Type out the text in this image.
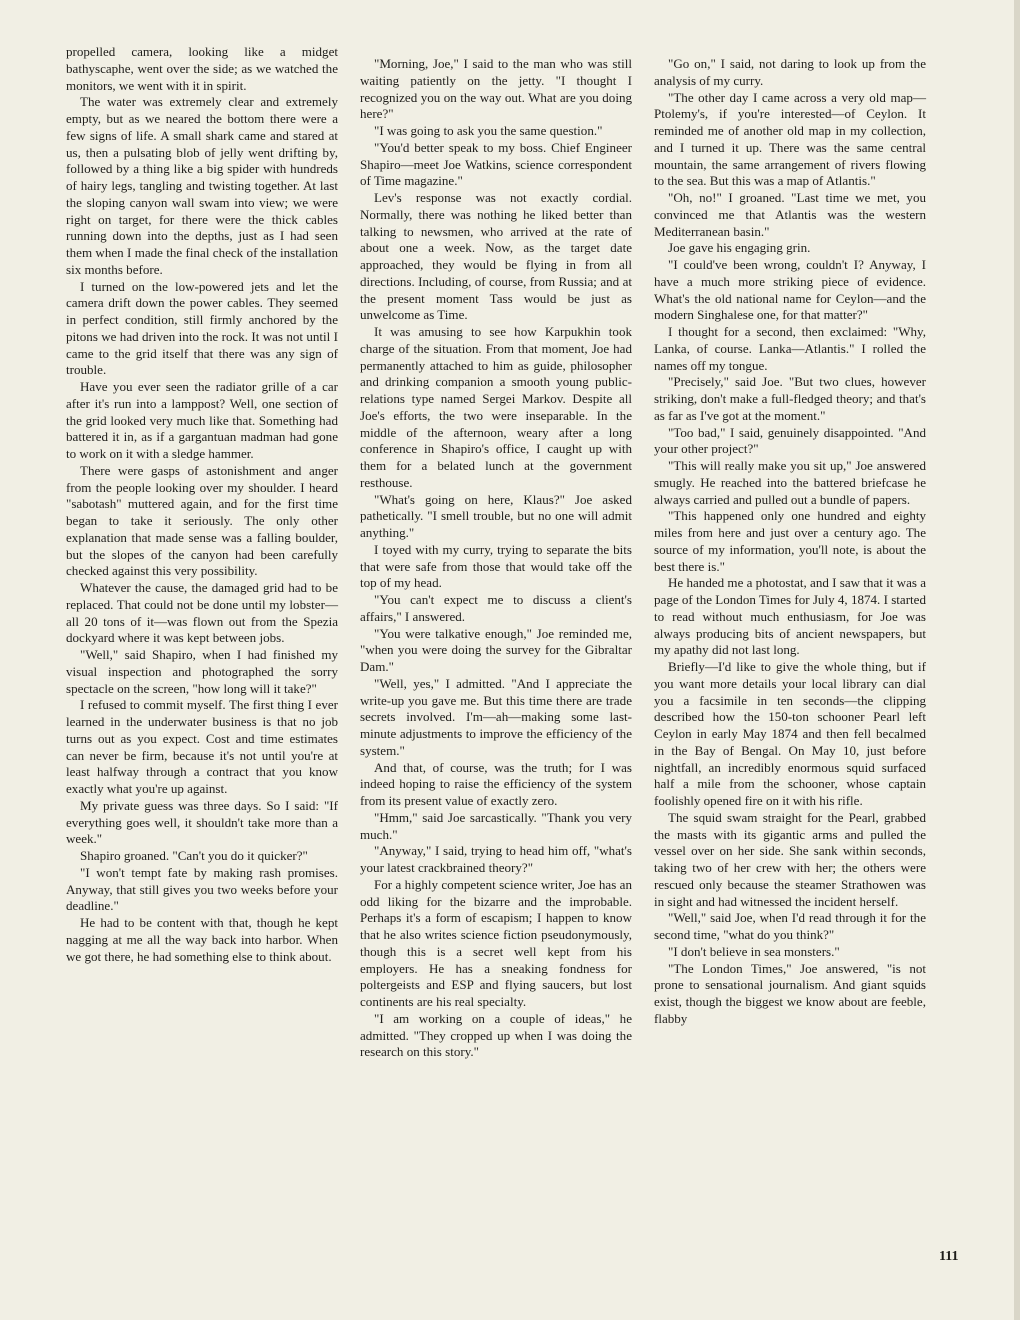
propelled camera, looking like a midget bathyscaphe, went over the side; as we watched the monitors, we went with it in spirit.

The water was extremely clear and extremely empty, but as we neared the bottom there were a few signs of life. A small shark came and stared at us, then a pulsating blob of jelly went drifting by, followed by a thing like a big spider with hundreds of hairy legs, tangling and twisting together. At last the sloping canyon wall swam into view; we were right on target, for there were the thick cables running down into the depths, just as I had seen them when I made the final check of the installation six months before.

I turned on the low-powered jets and let the camera drift down the power cables. They seemed in perfect condition, still firmly anchored by the pitons we had driven into the rock. It was not until I came to the grid itself that there was any sign of trouble.

Have you ever seen the radiator grille of a car after it's run into a lamppost? Well, one section of the grid looked very much like that. Something had battered it in, as if a gargantuan madman had gone to work on it with a sledge hammer.

There were gasps of astonishment and anger from the people looking over my shoulder. I heard "sabotash" muttered again, and for the first time began to take it seriously. The only other explanation that made sense was a falling boulder, but the slopes of the canyon had been carefully checked against this very possibility.

Whatever the cause, the damaged grid had to be replaced. That could not be done until my lobster—all 20 tons of it—was flown out from the Spezia dockyard where it was kept between jobs.

"Well," said Shapiro, when I had finished my visual inspection and photographed the sorry spectacle on the screen, "how long will it take?"

I refused to commit myself. The first thing I ever learned in the underwater business is that no job turns out as you expect. Cost and time estimates can never be firm, because it's not until you're at least halfway through a contract that you know exactly what you're up against.

My private guess was three days. So I said: "If everything goes well, it shouldn't take more than a week."

Shapiro groaned. "Can't you do it quicker?"

"I won't tempt fate by making rash promises. Anyway, that still gives you two weeks before your deadline."

He had to be content with that, though he kept nagging at me all the way back into harbor. When we got there, he had something else to think about.

"Morning, Joe," I said to the man who was still waiting patiently on the jetty. "I thought I recognized you on the way out. What are you doing here?"

"I was going to ask you the same question."

"You'd better speak to my boss. Chief Engineer Shapiro—meet Joe Watkins, science correspondent of Time magazine."

Lev's response was not exactly cordial. Normally, there was nothing he liked better than talking to newsmen, who arrived at the rate of about one a week. Now, as the target date approached, they would be flying in from all directions. Including, of course, from Russia; and at the present moment Tass would be just as unwelcome as Time.

It was amusing to see how Karpukhin took charge of the situation. From that moment, Joe had permanently attached to him as guide, philosopher and drinking companion a smooth young public-relations type named Sergei Markov. Despite all Joe's efforts, the two were inseparable. In the middle of the afternoon, weary after a long conference in Shapiro's office, I caught up with them for a belated lunch at the government resthouse.

"What's going on here, Klaus?" Joe asked pathetically. "I smell trouble, but no one will admit anything."

I toyed with my curry, trying to separate the bits that were safe from those that would take off the top of my head.

"You can't expect me to discuss a client's affairs," I answered.

"You were talkative enough," Joe reminded me, "when you were doing the survey for the Gibraltar Dam."

"Well, yes," I admitted. "And I appreciate the write-up you gave me. But this time there are trade secrets involved. I'm—ah—making some last-minute adjustments to improve the efficiency of the system."

And that, of course, was the truth; for I was indeed hoping to raise the efficiency of the system from its present value of exactly zero.

"Hmm," said Joe sarcastically. "Thank you very much."

"Anyway," I said, trying to head him off, "what's your latest crackbrained theory?"

For a highly competent science writer, Joe has an odd liking for the bizarre and the improbable. Perhaps it's a form of escapism; I happen to know that he also writes science fiction pseudonymously, though this is a secret well kept from his employers. He has a sneaking fondness for poltergeists and ESP and flying saucers, but lost continents are his real specialty.

"I am working on a couple of ideas," he admitted. "They cropped up when I was doing the research on this story."

"Go on," I said, not daring to look up from the analysis of my curry.

"The other day I came across a very old map—Ptolemy's, if you're interested—of Ceylon. It reminded me of another old map in my collection, and I turned it up. There was the same central mountain, the same arrangement of rivers flowing to the sea. But this was a map of Atlantis."

"Oh, no!" I groaned. "Last time we met, you convinced me that Atlantis was the western Mediterranean basin."

Joe gave his engaging grin.

"I could've been wrong, couldn't I? Anyway, I have a much more striking piece of evidence. What's the old national name for Ceylon—and the modern Singhalese one, for that matter?"

I thought for a second, then exclaimed: "Why, Lanka, of course. Lanka—Atlantis." I rolled the names off my tongue.

"Precisely," said Joe. "But two clues, however striking, don't make a full-fledged theory; and that's as far as I've got at the moment."

"Too bad," I said, genuinely disappointed. "And your other project?"

"This will really make you sit up," Joe answered smugly. He reached into the battered briefcase he always carried and pulled out a bundle of papers.

"This happened only one hundred and eighty miles from here and just over a century ago. The source of my information, you'll note, is about the best there is."

He handed me a photostat, and I saw that it was a page of the London Times for July 4, 1874. I started to read without much enthusiasm, for Joe was always producing bits of ancient newspapers, but my apathy did not last long.

Briefly—I'd like to give the whole thing, but if you want more details your local library can dial you a facsimile in ten seconds—the clipping described how the 150-ton schooner Pearl left Ceylon in early May 1874 and then fell becalmed in the Bay of Bengal. On May 10, just before nightfall, an incredibly enormous squid surfaced half a mile from the schooner, whose captain foolishly opened fire on it with his rifle.

The squid swam straight for the Pearl, grabbed the masts with its gigantic arms and pulled the vessel over on her side. She sank within seconds, taking two of her crew with her; the others were rescued only because the steamer Strathowen was in sight and had witnessed the incident herself.

"Well," said Joe, when I'd read through it for the second time, "what do you think?"

"I don't believe in sea monsters."

"The London Times," Joe answered, "is not prone to sensational journalism. And giant squids exist, though the biggest we know about are feeble, flabby

111
